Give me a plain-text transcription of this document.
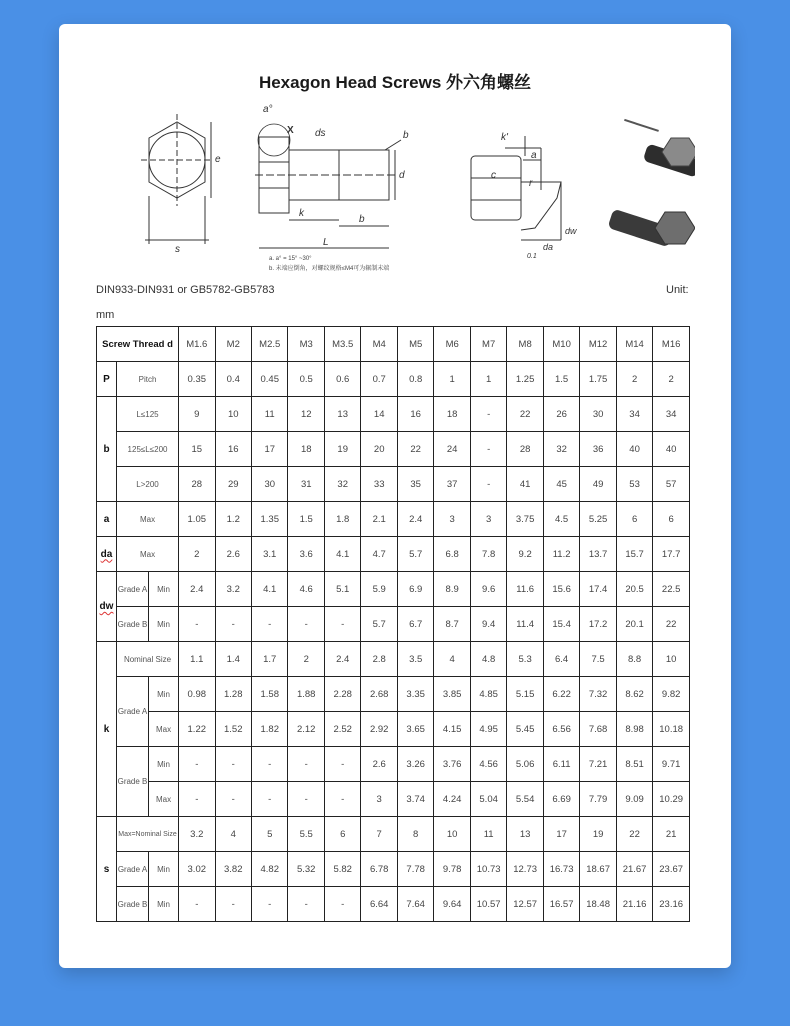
Hexagon Head Screws 外六角螺丝
e
s
a°
X ds	b
d
k
b
L
a. a° = 15° ~30°
b. 未端应倒角，对螺纹规格≤M4可为辗制末端
k'
a
c
r
dw
da
0.1
DIN933-DIN931 or GB5782-GB5783	Unit:
mm
Screw Thread d			M1.6	M2	M2.5	M3	M3.5	M4	M5	M6	M7	M8	M10	M12	M14	M16
P	Pitch		0.35	0.4	0.45	0.5	0.6	0.7	0.8	1	1	1.25	1.5	1.75	2	2
b	L≤125		9	10	11	12	13	14	16	18	-	22	26	30	34	34
	125≤L≤200		15	16	17	18	19	20	22	24	-	28	32	36	40	40
	L>200		28	29	30	31	32	33	35	37	-	41	45	49	53	57
a	Max		1.05	1.2	1.35	1.5	1.8	2.1	2.4	3	3	3.75	4.5	5.25	6	6
da	Max		2	2.6	3.1	3.6	4.1	4.7	5.7	6.8	7.8	9.2	11.2	13.7	15.7	17.7
dw	Grade A	Min	2.4	3.2	4.1	4.6	5.1	5.9	6.9	8.9	9.6	11.6	15.6	17.4	20.5	22.5
	Grade B	Min	-	-	-	-	-	5.7	6.7	8.7	9.4	11.4	15.4	17.2	20.1	22
k	Nominal Size		1.1	1.4	1.7	2	2.4	2.8	3.5	4	4.8	5.3	6.4	7.5	8.8	10
	Grade A	Min	0.98	1.28	1.58	1.88	2.28	2.68	3.35	3.85	4.85	5.15	6.22	7.32	8.62	9.82
		Max	1.22	1.52	1.82	2.12	2.52	2.92	3.65	4.15	4.95	5.45	6.56	7.68	8.98	10.18
	Grade B	Min	-	-	-	-	-	2.6	3.26	3.76	4.56	5.06	6.11	7.21	8.51	9.71
		Max	-	-	-	-	-	3	3.74	4.24	5.04	5.54	6.69	7.79	9.09	10.29
s	Max=Nominal Size		3.2	4	5	5.5	6	7	8	10	11	13	17	19	22	21
	Grade A	Min	3.02	3.82	4.82	5.32	5.82	6.78	7.78	9.78	10.73	12.73	16.73	18.67	21.67	23.67
	Grade B	Min	-	-	-	-	-	6.64	7.64	9.64	10.57	12.57	16.57	18.48	21.16	23.16
